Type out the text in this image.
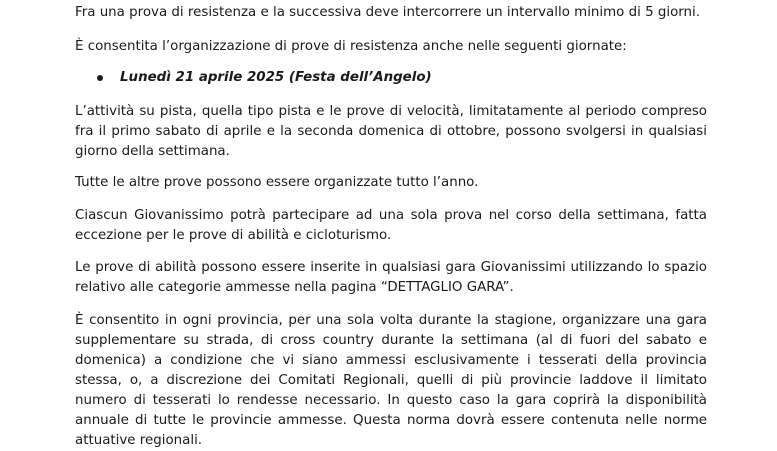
Fra una prova di resistenza e la successiva deve intercorrere un intervallo minimo di 5 giorni.

È consentita l’organizzazione di prove di resistenza anche nelle seguenti giornate:

Lunedì 21 aprile 2025 (Festa dell’Angelo)

L’attività su pista, quella tipo pista e le prove di velocità, limitatamente al periodo compreso fra il primo sabato di aprile e la seconda domenica di ottobre, possono svolgersi in qualsiasi giorno della settimana.

Tutte le altre prove possono essere organizzate tutto l’anno.

Ciascun Giovanissimo potrà partecipare ad una sola prova nel corso della settimana, fatta eccezione per le prove di abilità e cicloturismo.

Le prove di abilità possono essere inserite in qualsiasi gara Giovanissimi utilizzando lo spazio relativo alle categorie ammesse nella pagina “DETTAGLIO GARA”.

È consentito in ogni provincia, per una sola volta durante la stagione, organizzare una gara supplementare su strada, di cross country durante la settimana (al di fuori del sabato e domenica) a condizione che vi siano ammessi esclusivamente i tesserati della provincia stessa, o, a discrezione dei Comitati Regionali, quelli di più provincie laddove il limitato numero di tesserati lo rendesse necessario. In questo caso la gara coprirà la disponibilità annuale di tutte le provincie ammesse. Questa norma dovrà essere contenuta nelle norme attuative regionali.
